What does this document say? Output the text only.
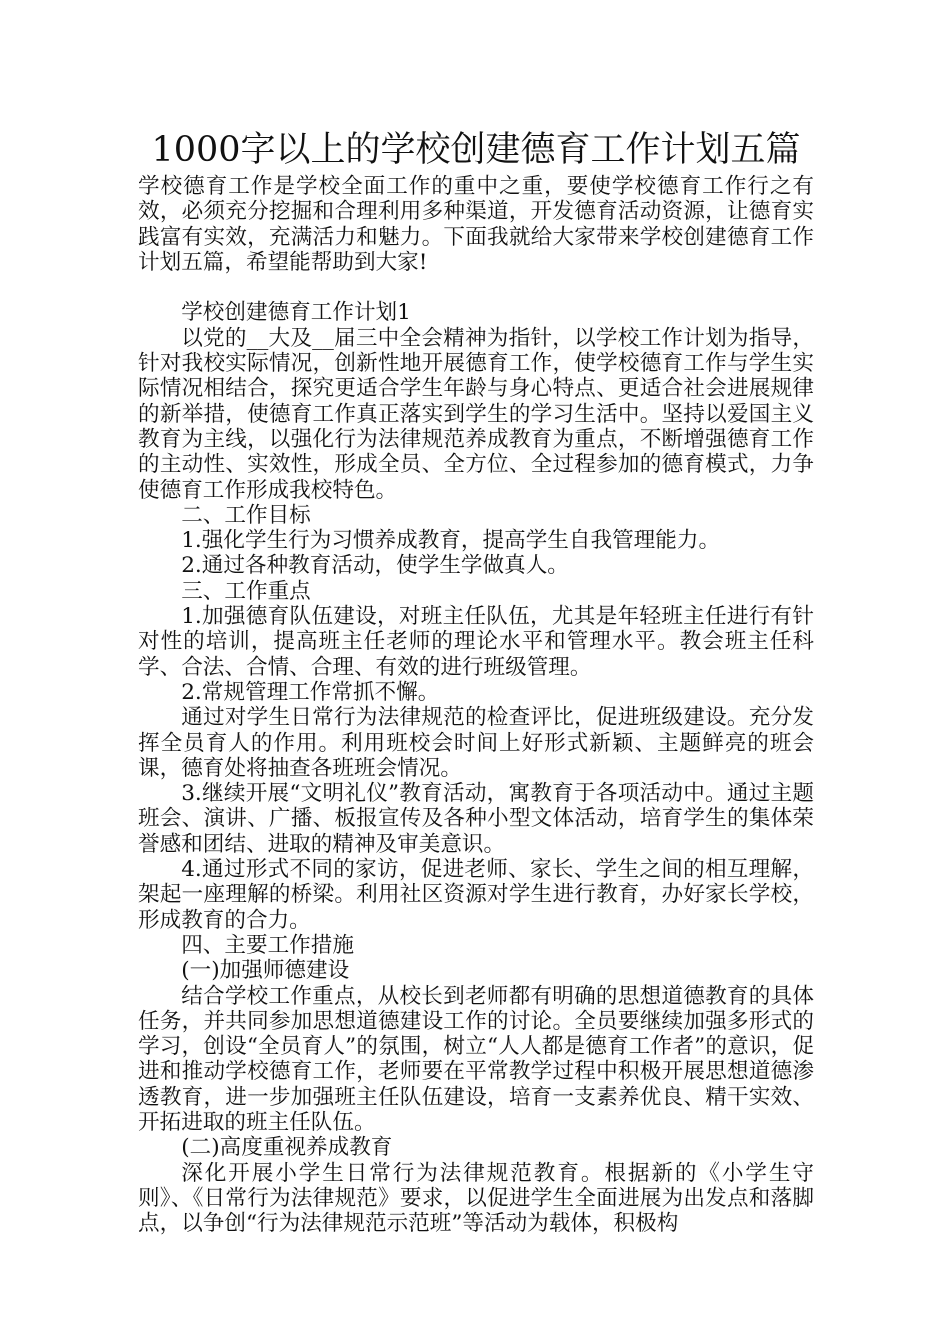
1000字以上的学校创建德育工作计划五篇

学校德育工作是学校全面工作的重中之重，要使学校德育工作行之有效，必须充分挖掘和合理利用多种渠道，开发德育活动资源，让德育实践富有实效，充满活力和魅力。下面我就给大家带来学校创建德育工作计划五篇，希望能帮助到大家!

学校创建德育工作计划1

以党的__大及__届三中全会精神为指针，以学校工作计划为指导，针对我校实际情况，创新性地开展德育工作，使学校德育工作与学生实际情况相结合，探究更适合学生年龄与身心特点、更适合社会进展规律的新举措，使德育工作真正落实到学生的学习生活中。坚持以爱国主义教育为主线，以强化行为法律规范养成教育为重点，不断增强德育工作的主动性、实效性，形成全员、全方位、全过程参加的德育模式，力争使德育工作形成我校特色。

二、工作目标

1.强化学生行为习惯养成教育，提高学生自我管理能力。

2.通过各种教育活动，使学生学做真人。

三、工作重点

1.加强德育队伍建设，对班主任队伍，尤其是年轻班主任进行有针对性的培训，提高班主任老师的理论水平和管理水平。教会班主任科学、合法、合情、合理、有效的进行班级管理。

2.常规管理工作常抓不懈。

通过对学生日常行为法律规范的检查评比，促进班级建设。充分发挥全员育人的作用。利用班校会时间上好形式新颖、主题鲜亮的班会课，德育处将抽查各班班会情况。

3.继续开展“文明礼仪”教育活动，寓教育于各项活动中。通过主题班会、演讲、广播、板报宣传及各种小型文体活动，培育学生的集体荣誉感和团结、进取的精神及审美意识。

4.通过形式不同的家访，促进老师、家长、学生之间的相互理解，架起一座理解的桥梁。利用社区资源对学生进行教育，办好家长学校，形成教育的合力。

四、主要工作措施

(一)加强师德建设

结合学校工作重点，从校长到老师都有明确的思想道德教育的具体任务，并共同参加思想道德建设工作的讨论。全员要继续加强多形式的学习，创设“全员育人”的氛围，树立“人人都是德育工作者”的意识，促进和推动学校德育工作，老师要在平常教学过程中积极开展思想道德渗透教育，进一步加强班主任队伍建设，培育一支素养优良、精干实效、开拓进取的班主任队伍。

(二)高度重视养成教育

深化开展小学生日常行为法律规范教育。根据新的《小学生守则》、《日常行为法律规范》要求，以促进学生全面进展为出发点和落脚点，以争创“行为法律规范示范班”等活动为载体，积极构
